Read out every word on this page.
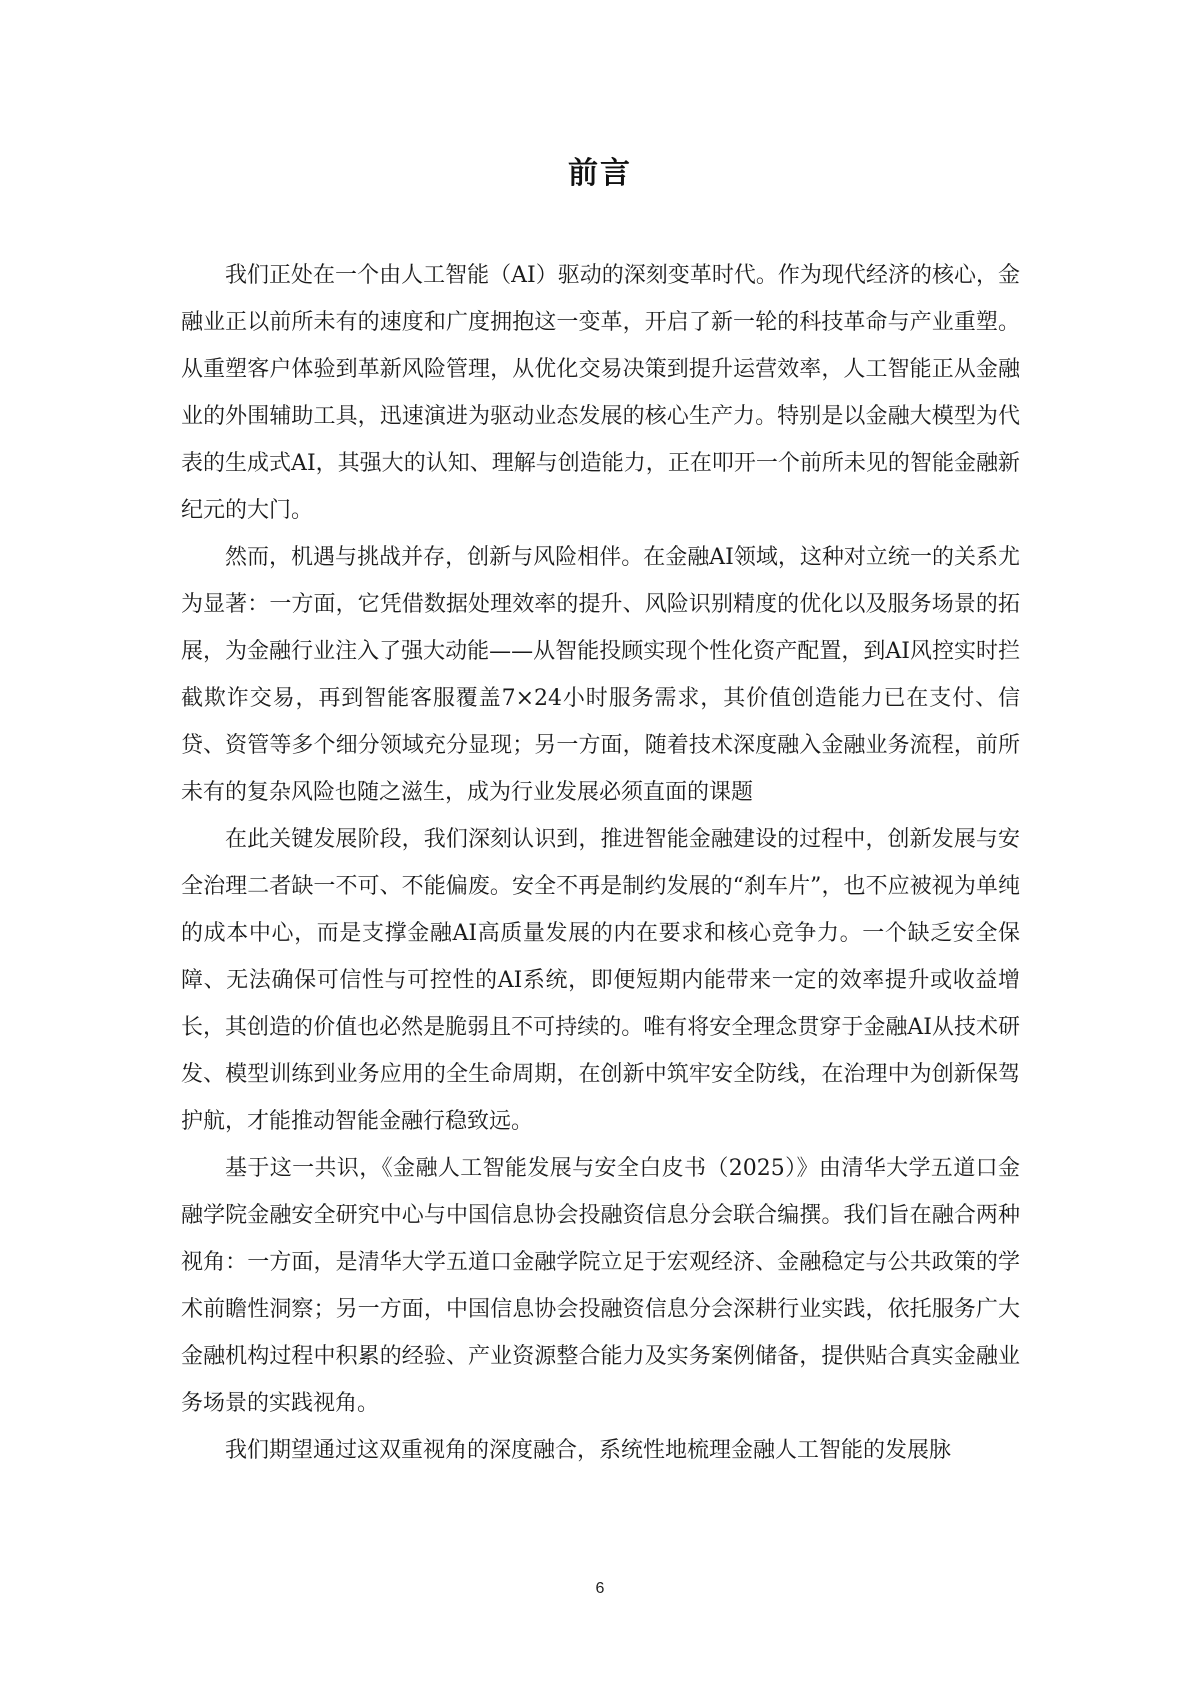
前言

我们正处在一个由人工智能（AI）驱动的深刻变革时代。作为现代经济的核心，金融业正以前所未有的速度和广度拥抱这一变革，开启了新一轮的科技革命与产业重塑。从重塑客户体验到革新风险管理，从优化交易决策到提升运营效率，人工智能正从金融业的外围辅助工具，迅速演进为驱动业态发展的核心生产力。特别是以金融大模型为代表的生成式AI，其强大的认知、理解与创造能力，正在叩开一个前所未见的智能金融新纪元的大门。

然而，机遇与挑战并存，创新与风险相伴。在金融AI领域，这种对立统一的关系尤为显著：一方面，它凭借数据处理效率的提升、风险识别精度的优化以及服务场景的拓展，为金融行业注入了强大动能——从智能投顾实现个性化资产配置，到AI风控实时拦截欺诈交易，再到智能客服覆盖7×24小时服务需求，其价值创造能力已在支付、信贷、资管等多个细分领域充分显现；另一方面，随着技术深度融入金融业务流程，前所未有的复杂风险也随之滋生，成为行业发展必须直面的课题

在此关键发展阶段，我们深刻认识到，推进智能金融建设的过程中，创新发展与安全治理二者缺一不可、不能偏废。安全不再是制约发展的“刹车片”，也不应被视为单纯的成本中心，而是支撑金融AI高质量发展的内在要求和核心竞争力。一个缺乏安全保障、无法确保可信性与可控性的AI系统，即便短期内能带来一定的效率提升或收益增长，其创造的价值也必然是脆弱且不可持续的。唯有将安全理念贯穿于金融AI从技术研发、模型训练到业务应用的全生命周期，在创新中筑牢安全防线，在治理中为创新保驾护航，才能推动智能金融行稳致远。

基于这一共识，《金融人工智能发展与安全白皮书（2025）》由清华大学五道口金融学院金融安全研究中心与中国信息协会投融资信息分会联合编撰。我们旨在融合两种视角：一方面，是清华大学五道口金融学院立足于宏观经济、金融稳定与公共政策的学术前瞻性洞察；另一方面，中国信息协会投融资信息分会深耕行业实践，依托服务广大金融机构过程中积累的经验、产业资源整合能力及实务案例储备，提供贴合真实金融业务场景的实践视角。

我们期望通过这双重视角的深度融合，系统性地梳理金融人工智能的发展脉

6
